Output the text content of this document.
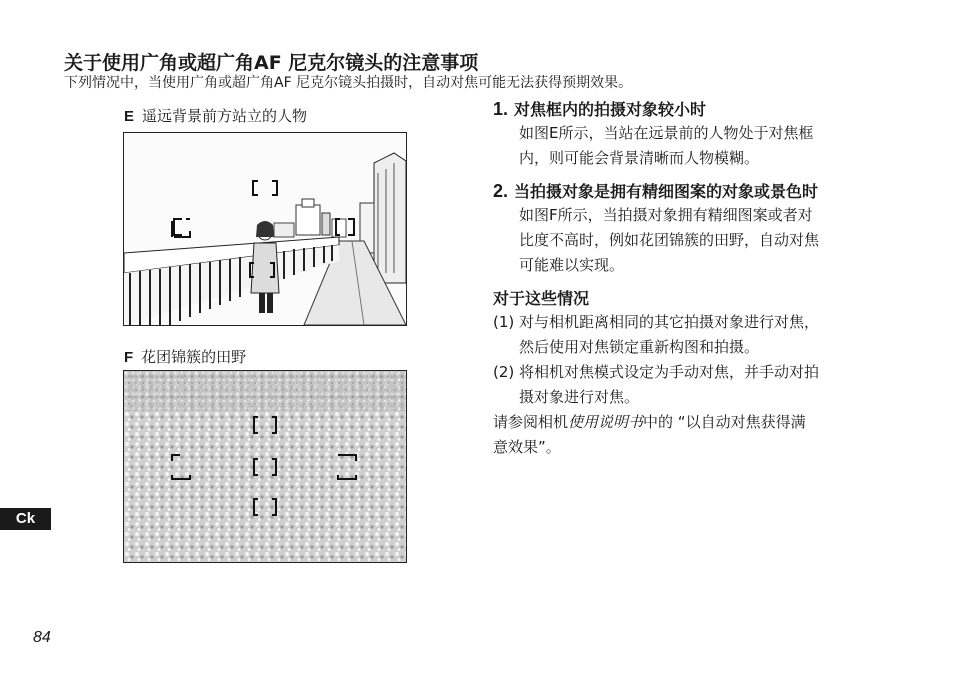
关于使用广角或超广角AF 尼克尔镜头的注意事项
下列情况中，当使用广角或超广角AF 尼克尔镜头拍摄时，自动对焦可能无法获得预期效果。
E 遥远背景前方站立的人物
F 花团锦簇的田野
1. 对焦框内的拍摄对象较小时
如图E所示，当站在远景前的人物处于对焦框
内，则可能会背景清晰而人物模糊。
2. 当拍摄对象是拥有精细图案的对象或景色时
如图F所示，当拍摄对象拥有精细图案或者对
比度不高时，例如花团锦簇的田野，自动对焦
可能难以实现。
对于这些情况
(1) 对与相机距离相同的其它拍摄对象进行对焦，
然后使用对焦锁定重新构图和拍摄。
(2) 将相机对焦模式设定为手动对焦，并手动对拍
摄对象进行对焦。
请参阅相机使用说明书中的 “以自动对焦获得满
意效果”。
Ck
84
